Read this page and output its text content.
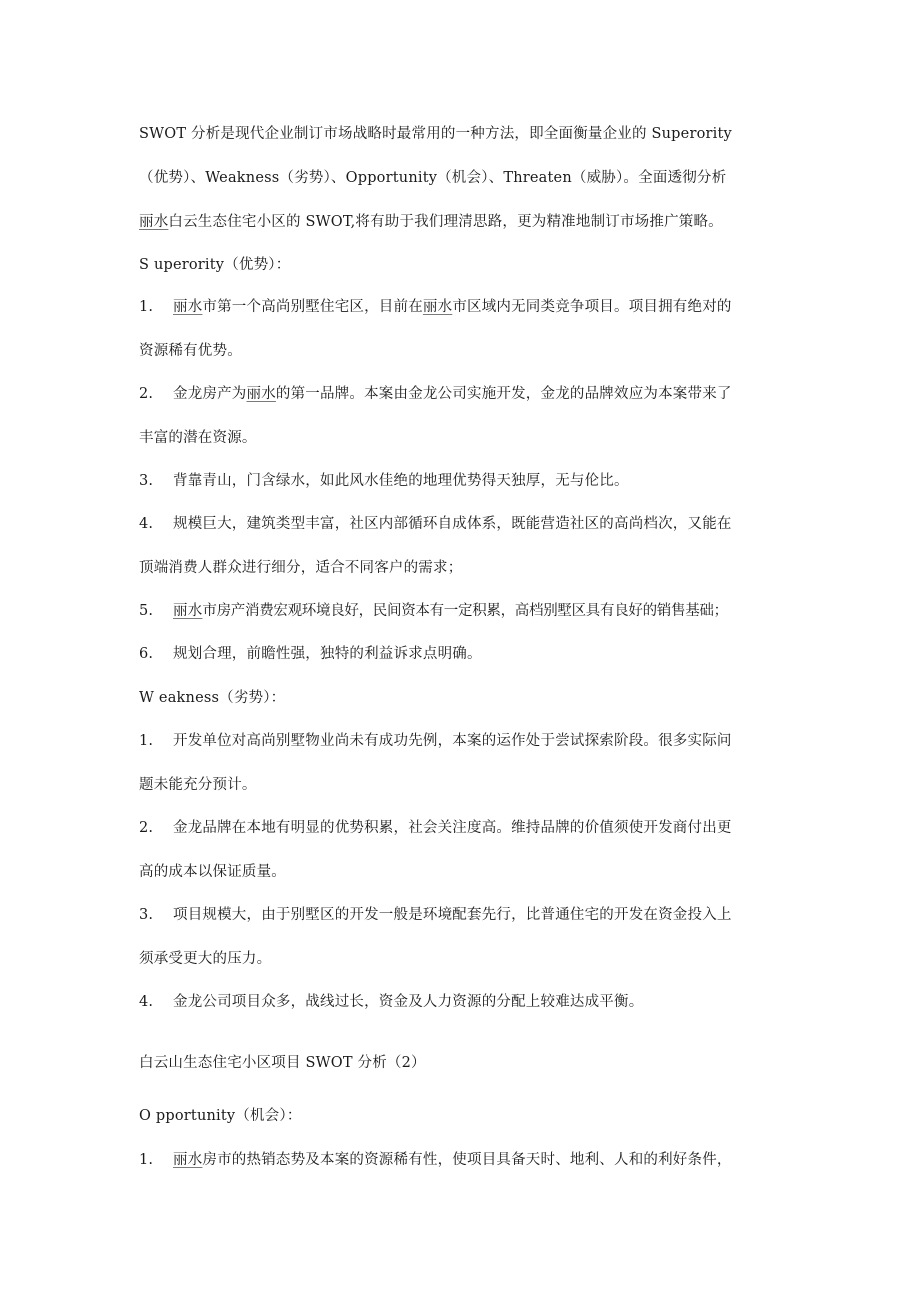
SWOT 分析是现代企业制订市场战略时最常用的一种方法，即全面衡量企业的 Superority
（优势）、Weakness（劣势）、Opportunity（机会）、Threaten（威胁）。全面透彻分析
丽水白云生态住宅小区的 SWOT,将有助于我们理清思路，更为精准地制订市场推广策略。
S uperority（优势）：
1. 丽水市第一个高尚别墅住宅区，目前在丽水市区域内无同类竞争项目。项目拥有绝对的
资源稀有优势。
2. 金龙房产为丽水的第一品牌。本案由金龙公司实施开发，金龙的品牌效应为本案带来了
丰富的潜在资源。
3. 背靠青山，门含绿水，如此风水佳绝的地理优势得天独厚，无与伦比。
4. 规模巨大，建筑类型丰富，社区内部循环自成体系，既能营造社区的高尚档次，又能在
顶端消费人群众进行细分，适合不同客户的需求；
5. 丽水市房产消费宏观环境良好，民间资本有一定积累，高档别墅区具有良好的销售基础；
6. 规划合理，前瞻性强，独特的利益诉求点明确。
W eakness（劣势）：
1. 开发单位对高尚别墅物业尚未有成功先例，本案的运作处于尝试探索阶段。很多实际问
题未能充分预计。
2. 金龙品牌在本地有明显的优势积累，社会关注度高。维持品牌的价值须使开发商付出更
高的成本以保证质量。
3. 项目规模大，由于别墅区的开发一般是环境配套先行，比普通住宅的开发在资金投入上
须承受更大的压力。
4. 金龙公司项目众多，战线过长，资金及人力资源的分配上较难达成平衡。
白云山生态住宅小区项目 SWOT 分析（2）
O pportunity（机会）：
1. 丽水房市的热销态势及本案的资源稀有性，使项目具备天时、地利、人和的利好条件，
